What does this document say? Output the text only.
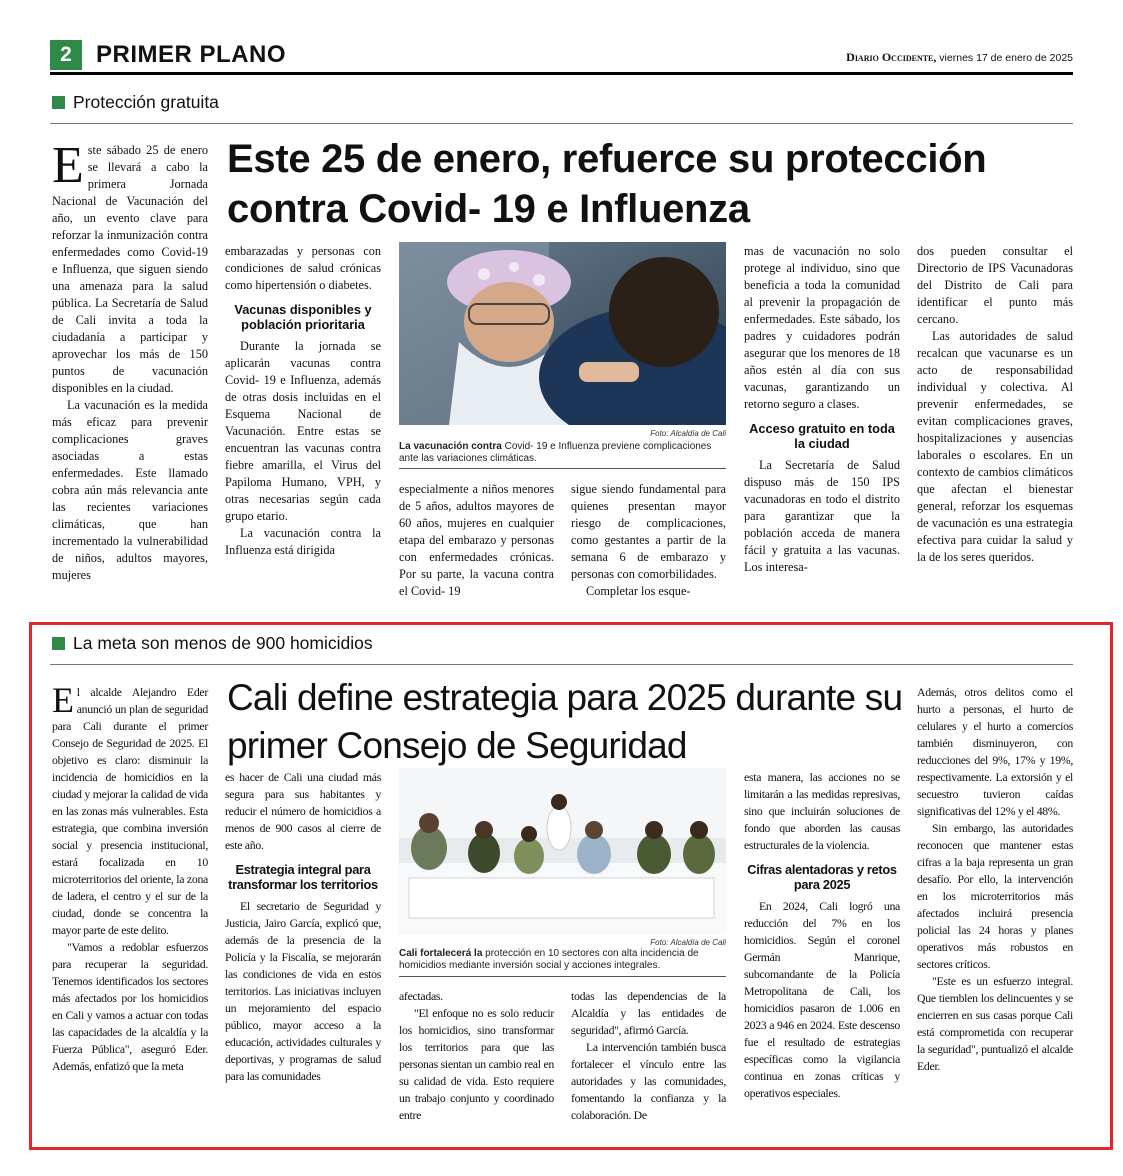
2	PRIMER PLANO	Diario Occidente, viernes 17 de enero de 2025
Protección gratuita
Este 25 de enero, refuerce su protección contra Covid- 19 e Influenza

Este sábado 25 de enero se llevará a cabo la primera Jornada Nacional de Vacunación del año, un evento clave para reforzar la inmunización contra enfermedades como Covid-19 e Influenza, que siguen siendo una amenaza para la salud pública. La Secretaría de Salud de Cali invita a toda la ciudadanía a participar y aprovechar los más de 150 puntos de vacunación disponibles en la ciudad.

La vacunación es la medida más eficaz para prevenir complicaciones graves asociadas a estas enfermedades. Este llamado cobra aún más relevancia ante las recientes variaciones climáticas, que han incrementado la vulnerabilidad de niños, adultos mayores, mujeres

embarazadas y personas con condiciones de salud crónicas como hipertensión o diabetes.

Vacunas disponibles y población prioritaria

Durante la jornada se aplicarán vacunas contra Covid- 19 e Influenza, además de otras dosis incluidas en el Esquema Nacional de Vacunación. Entre estas se encuentran las vacunas contra fiebre amarilla, el Virus del Papiloma Humano, VPH, y otras necesarias según cada grupo etario.

La vacunación contra la Influenza está dirigida

Foto: Alcaldía de Cali
La vacunación contra Covid- 19 e Influenza previene complicaciones ante las variaciones climáticas.

especialmente a niños menores de 5 años, adultos mayores de 60 años, mujeres en cualquier etapa del embarazo y personas con enfermedades crónicas. Por su parte, la vacuna contra el Covid- 19

sigue siendo fundamental para quienes presentan mayor riesgo de complicaciones, como gestantes a partir de la semana 6 de embarazo y personas con comorbilidades.

Completar los esque-

mas de vacunación no solo protege al individuo, sino que beneficia a toda la comunidad al prevenir la propagación de enfermedades. Este sábado, los padres y cuidadores podrán asegurar que los menores de 18 años estén al día con sus vacunas, garantizando un retorno seguro a clases.

Acceso gratuito en toda la ciudad

La Secretaría de Salud dispuso más de 150 IPS vacunadoras en todo el distrito para garantizar que la población acceda de manera fácil y gratuita a las vacunas. Los interesa-

dos pueden consultar el Directorio de IPS Vacunadoras del Distrito de Cali para identificar el punto más cercano.

Las autoridades de salud recalcan que vacunarse es un acto de responsabilidad individual y colectiva. Al prevenir enfermedades, se evitan complicaciones graves, hospitalizaciones y ausencias laborales o escolares. En un contexto de cambios climáticos que afectan el bienestar general, reforzar los esquemas de vacunación es una estrategia efectiva para cuidar la salud y la de los seres queridos.

La meta son menos de 900 homicidios
Cali define estrategia para 2025 durante su primer Consejo de Seguridad

El alcalde Alejandro Eder anunció un plan de seguridad para Cali durante el primer Consejo de Seguridad de 2025. El objetivo es claro: disminuir la incidencia de homicidios en la ciudad y mejorar la calidad de vida en las zonas más vulnerables. Esta estrategia, que combina inversión social y presencia institucional, estará focalizada en 10 microterritorios del oriente, la zona de ladera, el centro y el sur de la ciudad, donde se concentra la mayor parte de este delito.

"Vamos a redoblar esfuerzos para recuperar la seguridad. Tenemos identificados los sectores más afectados por los homicidios en Cali y vamos a actuar con todas las capacidades de la alcaldía y la Fuerza Pública", aseguró Eder. Además, enfatizó que la meta

es hacer de Cali una ciudad más segura para sus habitantes y reducir el número de homicidios a menos de 900 casos al cierre de este año.

Estrategia integral para transformar los territorios

El secretario de Seguridad y Justicia, Jairo García, explicó que, además de la presencia de la Policía y la Fiscalía, se mejorarán las condiciones de vida en estos territorios. Las iniciativas incluyen un mejoramiento del espacio público, mayor acceso a la educación, actividades culturales y deportivas, y programas de salud para las comunidades

Foto: Alcaldía de Cali
Cali fortalecerá la protección en 10 sectores con alta incidencia de homicidios mediante inversión social y acciones integrales.

afectadas.

"El enfoque no es solo reducir los homicidios, sino transformar los territorios para que las personas sientan un cambio real en su calidad de vida. Esto requiere un trabajo conjunto y coordinado entre

todas las dependencias de la Alcaldía y las entidades de seguridad", afirmó García.

La intervención también busca fortalecer el vínculo entre las autoridades y las comunidades, fomentando la confianza y la colaboración. De

esta manera, las acciones no se limitarán a las medidas represivas, sino que incluirán soluciones de fondo que aborden las causas estructurales de la violencia.

Cifras alentadoras y retos para 2025

En 2024, Cali logró una reducción del 7% en los homicidios. Según el coronel Germán Manrique, subcomandante de la Policía Metropolitana de Cali, los homicidios pasaron de 1.006 en 2023 a 946 en 2024. Este descenso fue el resultado de estrategias específicas como la vigilancia continua en zonas críticas y operativos especiales.

Además, otros delitos como el hurto a personas, el hurto de celulares y el hurto a comercios también disminuyeron, con reducciones del 9%, 17% y 19%, respectivamente. La extorsión y el secuestro tuvieron caídas significativas del 12% y el 48%.

Sin embargo, las autoridades reconocen que mantener estas cifras a la baja representa un gran desafío. Por ello, la intervención en los microterritorios más afectados incluirá presencia policial las 24 horas y planes operativos más robustos en sectores críticos.

"Este es un esfuerzo integral. Que tiemblen los delincuentes y se encierren en sus casas porque Cali está comprometida con recuperar la seguridad", puntualizó el alcalde Eder.
